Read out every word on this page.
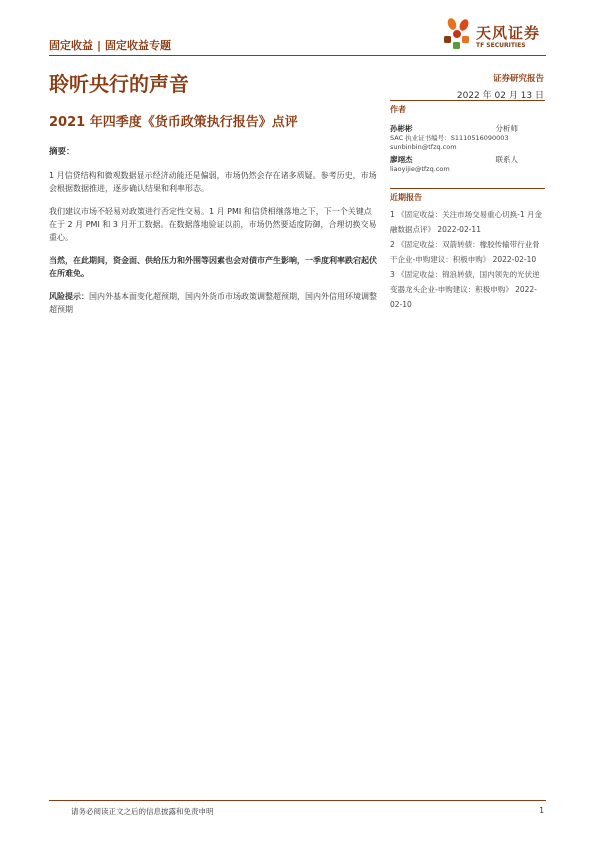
固定收益 | 固定收益专题
天风证券
TF SECURITIES
聆听央行的声音	证券研究报告
2022 年 02 月 13 日
2021 年四季度《货币政策执行报告》点评

摘要：

1 月信贷结构和微观数据显示经济动能还是偏弱，市场仍然会存在诸多质疑。参考历史，市场会根据数据推进，逐步确认结果和利率形态。

我们建议市场不轻易对政策进行否定性交易。1 月 PMI 和信贷相继落地之下，下一个关键点在于 2 月 PMI 和 3 月开工数据。在数据落地验证以前，市场仍然要适度防御，合理切换交易重心。

当然，在此期间，资金面、供给压力和外围等因素也会对债市产生影响，一季度利率跌宕起伏在所难免。

风险提示：国内外基本面变化超预期，国内外货币市场政策调整超预期，国内外信用环境调整超预期

作者
孙彬彬	分析师
SAC 执业证书编号：S1110516090003
sunbinbin@tfzq.com
廖翊杰	联系人
liaoyijie@tfzq.com
近期报告

1 《固定收益：关注市场交易重心切换-1 月金融数据点评》 2022-02-11

2 《固定收益：双箭转债：橡胶传输带行业骨干企业-申购建议：积极申购》 2022-02-10

3 《固定收益：锦浪转债，国内领先的光伏逆变器龙头企业-申购建议：积极申购》 2022-02-10

请务必阅读正文之后的信息披露和免责申明	1
